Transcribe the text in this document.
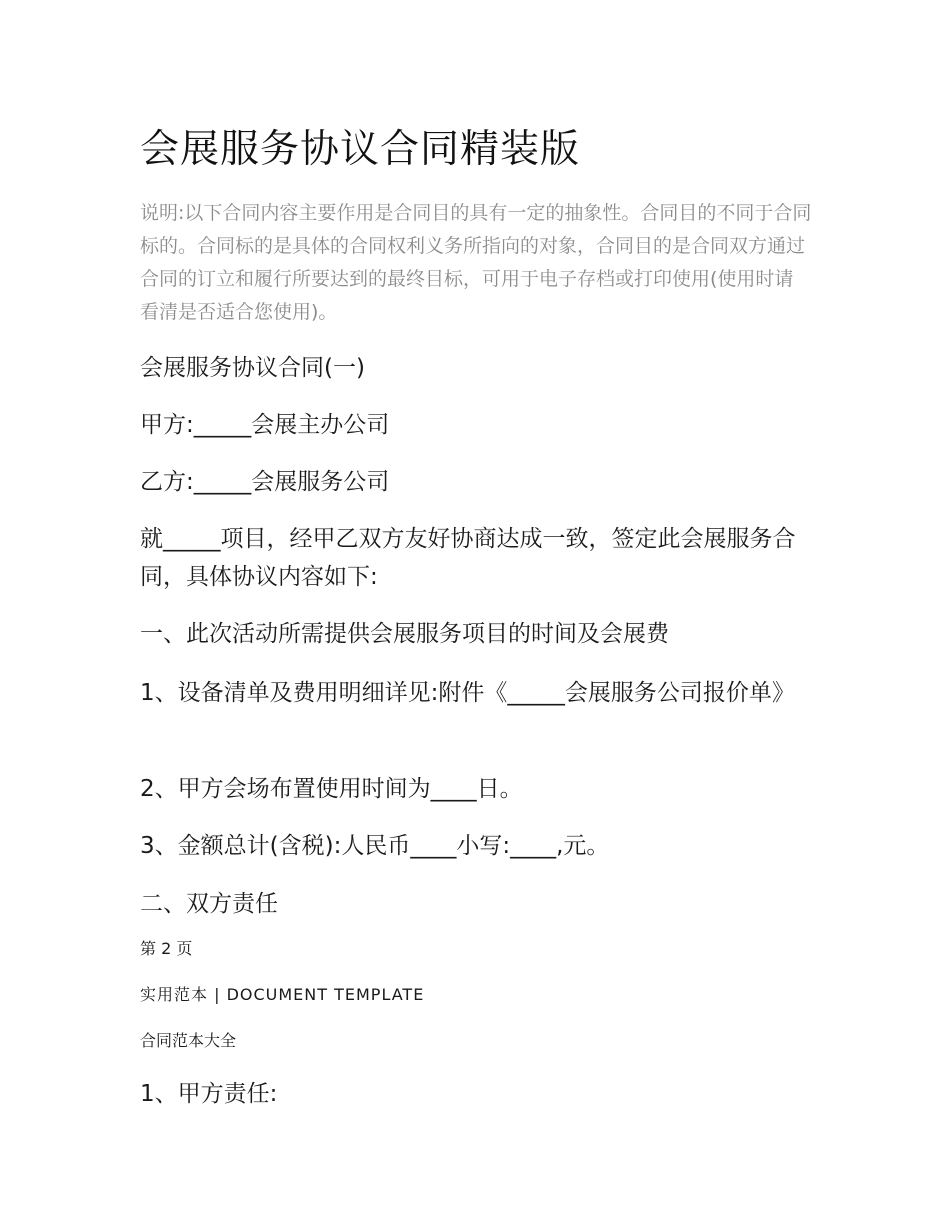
会展服务协议合同精装版
说明:以下合同内容主要作用是合同目的具有一定的抽象性。合同目的不同于合同标的。合同标的是具体的合同权利义务所指向的对象，合同目的是合同双方通过合同的订立和履行所要达到的最终目标，可用于电子存档或打印使用(使用时请看清是否适合您使用)。
会展服务协议合同(一)
甲方:_____会展主办公司
乙方:_____会展服务公司
就_____项目，经甲乙双方友好协商达成一致，签定此会展服务合同，具体协议内容如下:
一、此次活动所需提供会展服务项目的时间及会展费
1、设备清单及费用明细详见:附件《_____会展服务公司报价单》
2、甲方会场布置使用时间为____日。
3、金额总计(含税):人民币____小写:____,元。
二、双方责任
第 2 页
实用范本 | DOCUMENT TEMPLATE
合同范本大全
1、甲方责任:
